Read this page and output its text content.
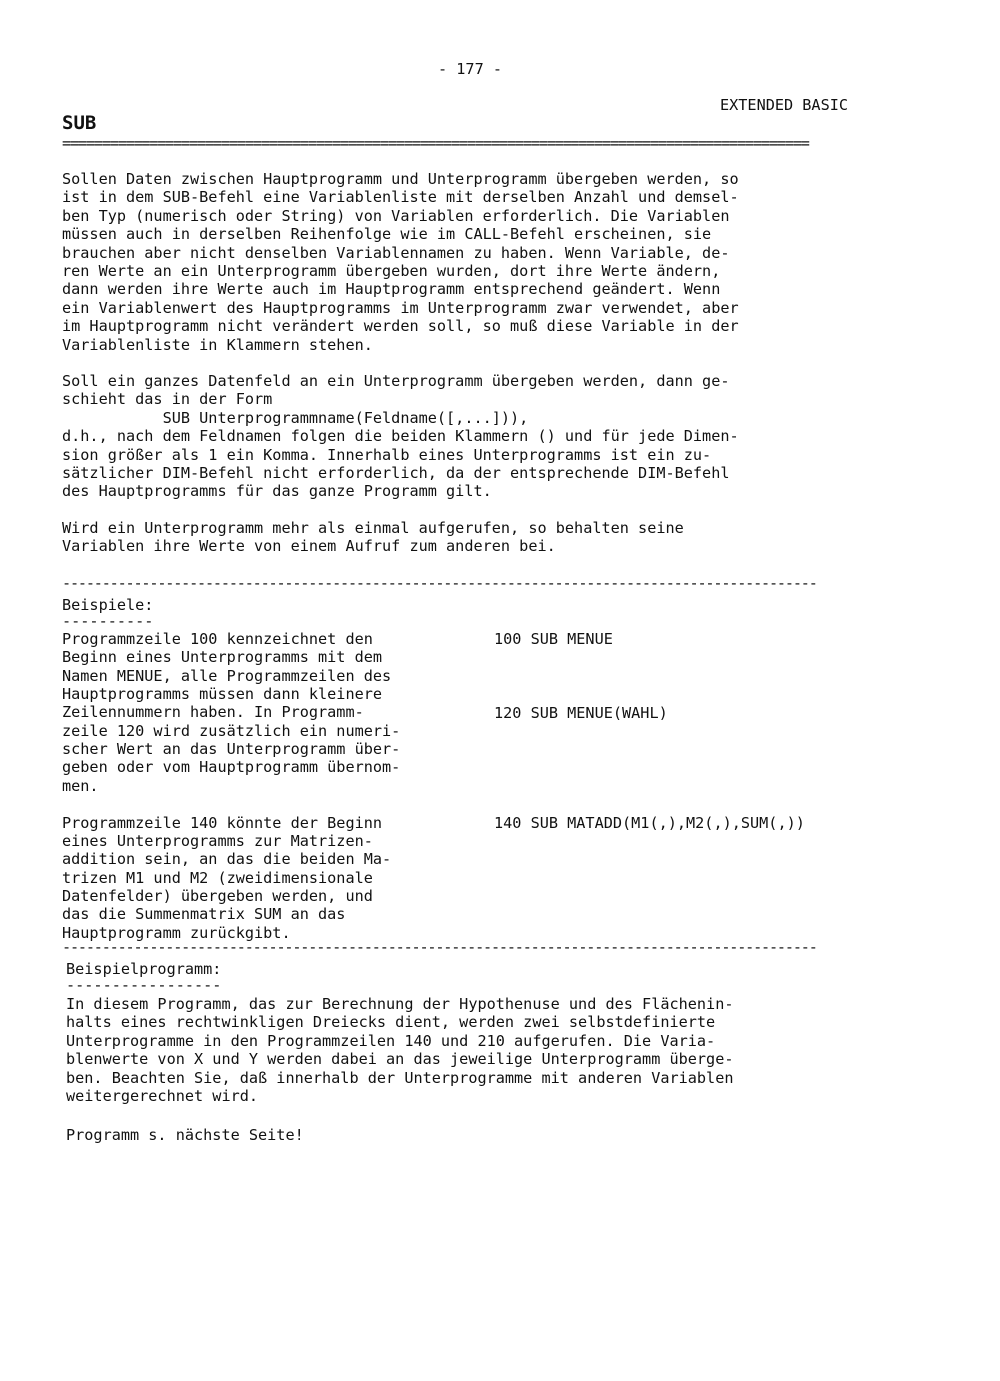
- 177 -
EXTENDED BASIC
SUB
==============================================================================================
Sollen Daten zwischen Hauptprogramm und Unterprogramm übergeben werden, so
ist in dem SUB-Befehl eine Variablenliste mit derselben Anzahl und demsel-
ben Typ (numerisch oder String) von Variablen erforderlich. Die Variablen
müssen auch in derselben Reihenfolge wie im CALL-Befehl erscheinen, sie
brauchen aber nicht denselben Variablennamen zu haben. Wenn Variable, de-
ren Werte an ein Unterprogramm übergeben wurden, dort ihre Werte ändern,
dann werden ihre Werte auch im Hauptprogramm entsprechend geändert. Wenn
ein Variablenwert des Hauptprogramms im Unterprogramm zwar verwendet, aber
im Hauptprogramm nicht verändert werden soll, so muß diese Variable in der
Variablenliste in Klammern stehen.
Soll ein ganzes Datenfeld an ein Unterprogramm übergeben werden, dann ge-
schieht das in der Form
SUB Unterprogrammname(Feldname([,...])),
d.h., nach dem Feldnamen folgen die beiden Klammern () und für jede Dimen-
sion größer als 1 ein Komma. Innerhalb eines Unterprogramms ist ein zu-
sätzlicher DIM-Befehl nicht erforderlich, da der entsprechende DIM-Befehl
des Hauptprogramms für das ganze Programm gilt.
Wird ein Unterprogramm mehr als einmal aufgerufen, so behalten seine
Variablen ihre Werte von einem Aufruf zum anderen bei.
-----------------------------------------------------------------------------------------------
Beispiele:
----------
Programmzeile 100 kennzeichnet den
Beginn eines Unterprogramms mit dem
Namen MENUE, alle Programmzeilen des
Hauptprogramms müssen dann kleinere
Zeilennummern haben. In Programm-
zeile 120 wird zusätzlich ein numeri-
scher Wert an das Unterprogramm über-
geben oder vom Hauptprogramm übernom-
men.
Programmzeile 140 könnte der Beginn
eines Unterprogramms zur Matrizen-
addition sein, an das die beiden Ma-
trizen M1 und M2 (zweidimensionale
Datenfelder) übergeben werden, und
das die Summenmatrix SUM an das
Hauptprogramm zurückgibt.
100 SUB MENUE
120 SUB MENUE(WAHL)
140 SUB MATADD(M1(,),M2(,),SUM(,))
-----------------------------------------------------------------------------------------------
Beispielprogramm:
-----------------
In diesem Programm, das zur Berechnung der Hypothenuse und des Flächenin-
halts eines rechtwinkligen Dreiecks dient, werden zwei selbstdefinierte
Unterprogramme in den Programmzeilen 140 und 210 aufgerufen. Die Varia-
blenwerte von X und Y werden dabei an das jeweilige Unterprogramm überge-
ben. Beachten Sie, daß innerhalb der Unterprogramme mit anderen Variablen
weitergerechnet wird.
Programm s. nächste Seite!
